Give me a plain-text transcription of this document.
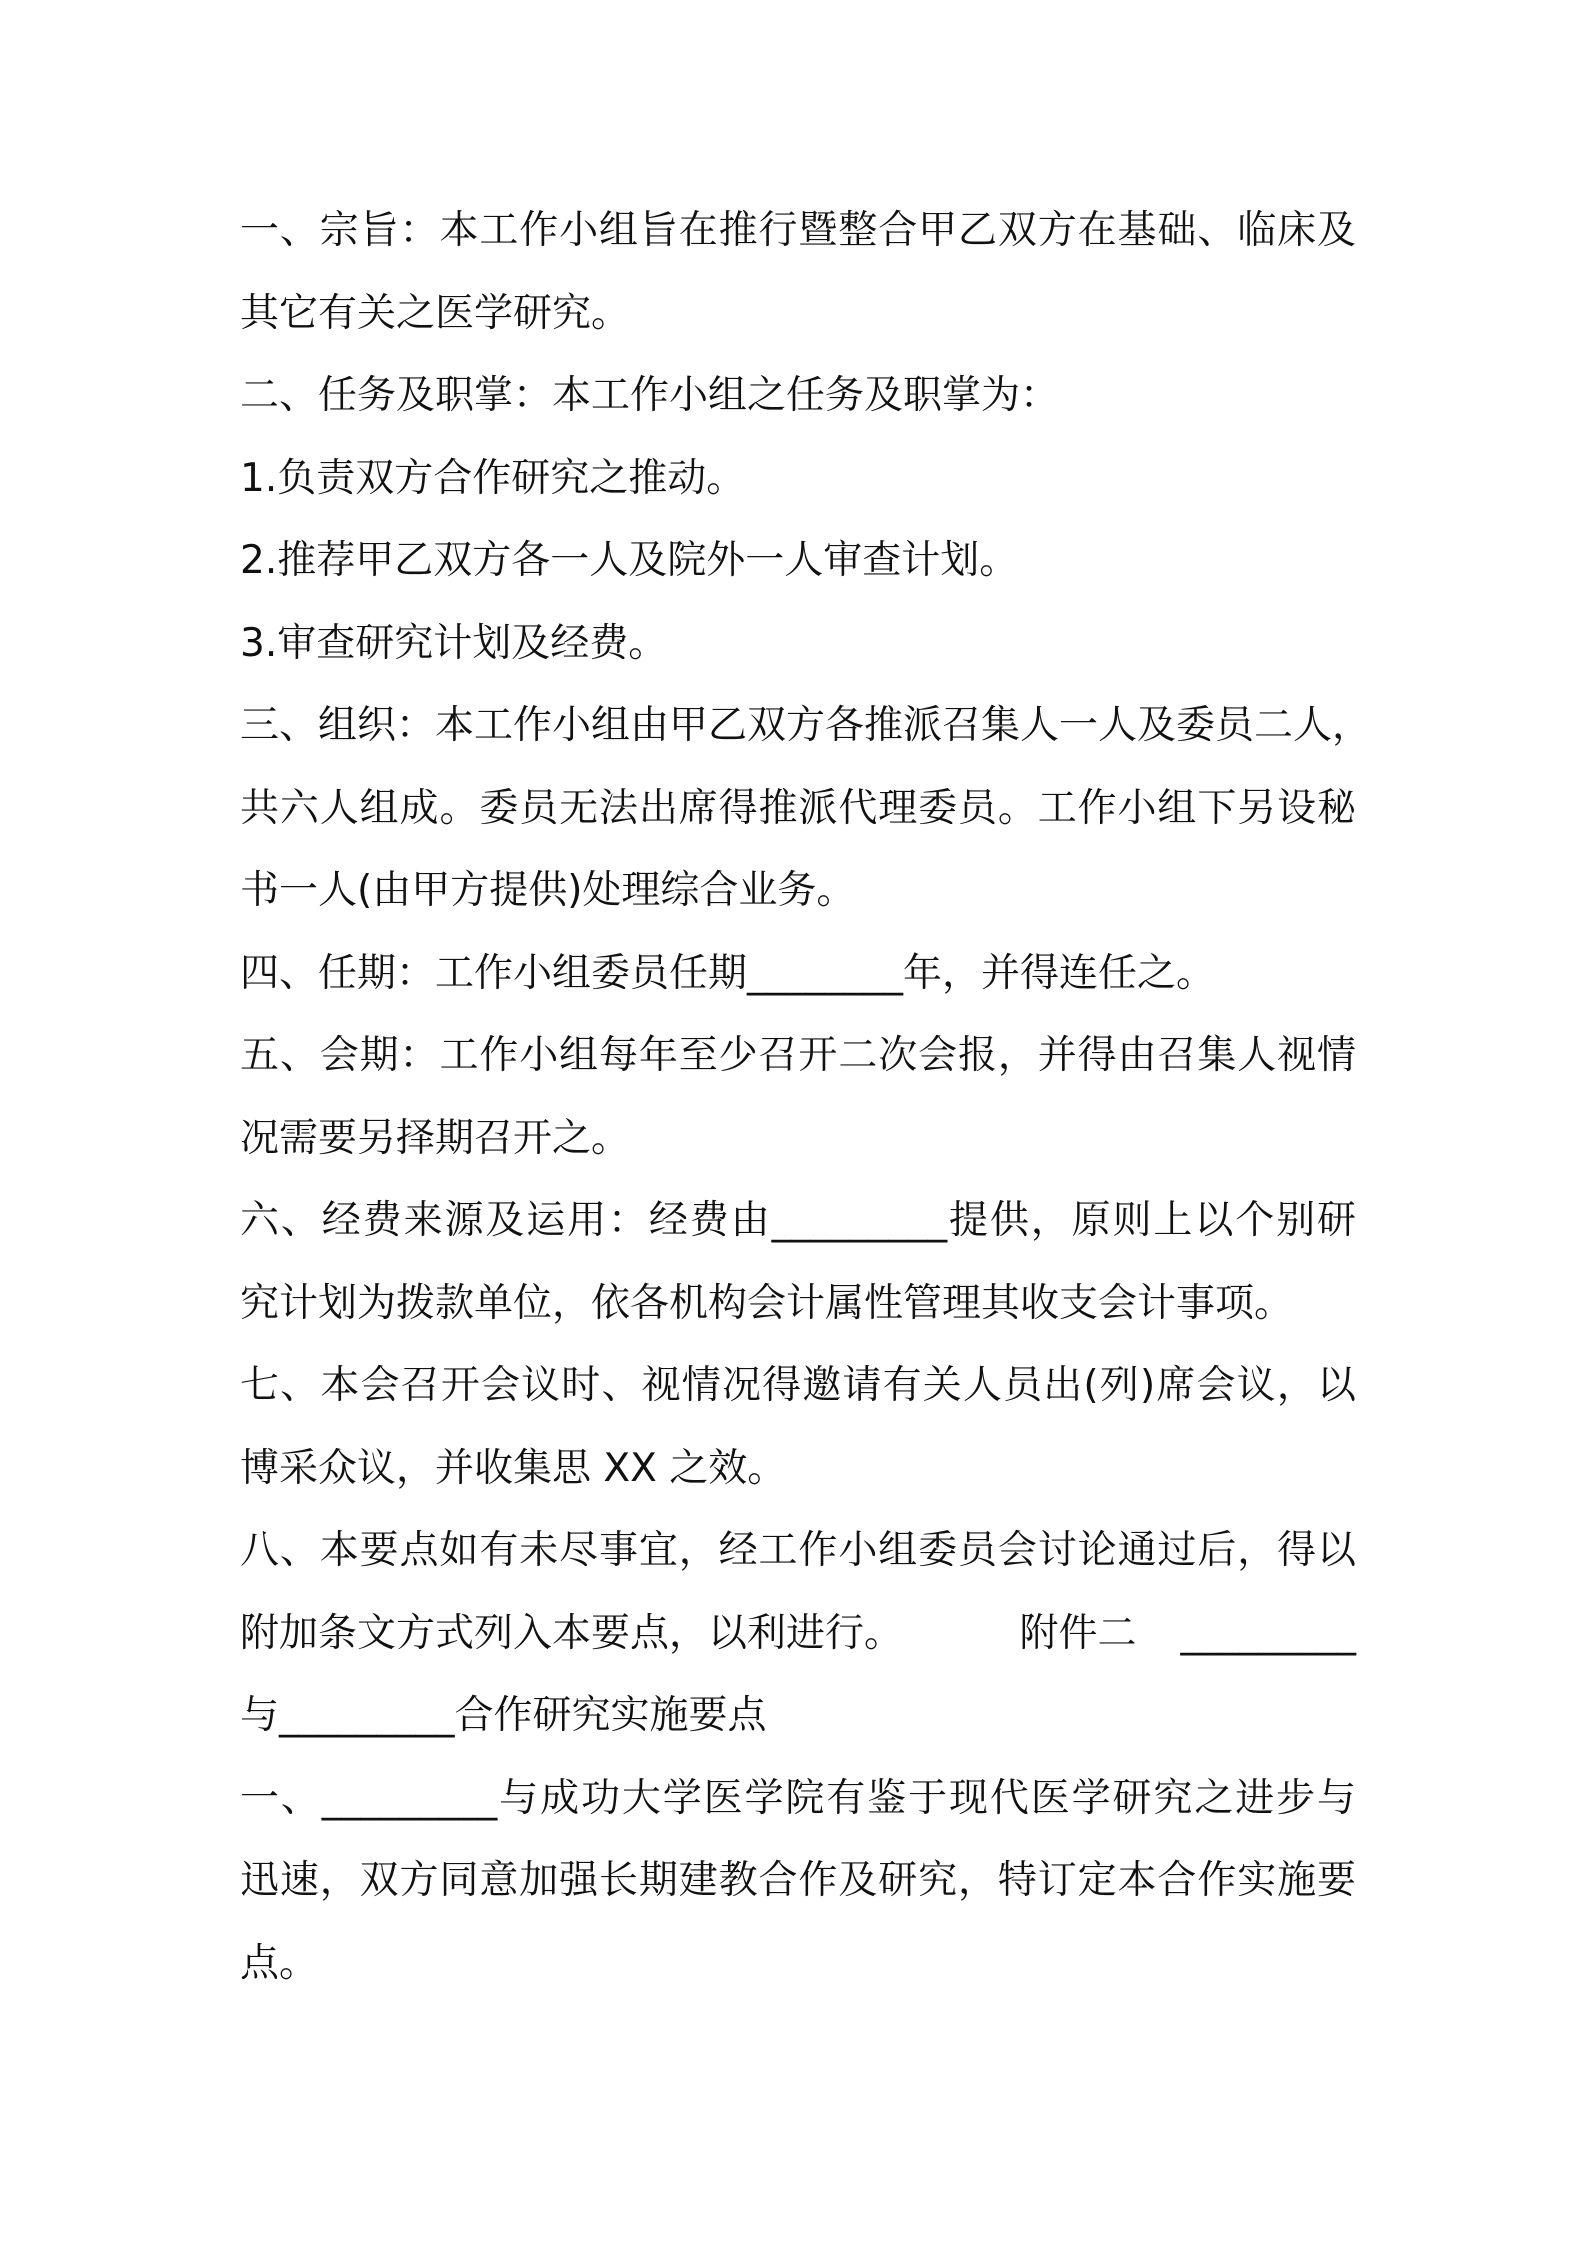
一、宗旨：本工作小组旨在推行暨整合甲乙双方在基础、临床及
其它有关之医学研究。
二、任务及职掌：本工作小组之任务及职掌为：
1.负责双方合作研究之推动。
2.推荐甲乙双方各一人及院外一人审查计划。
3.审查研究计划及经费。
三、组织：本工作小组由甲乙双方各推派召集人一人及委员二人，
共六人组成。委员无法出席得推派代理委员。工作小组下另设秘
书一人(由甲方提供)处理综合业务。
四、任期：工作小组委员任期________年，并得连任之。
五、会期：工作小组每年至少召开二次会报，并得由召集人视情
况需要另择期召开之。
六、经费来源及运用：经费由_________提供，原则上以个别研
究计划为拨款单位，依各机构会计属性管理其收支会计事项。
七、本会召开会议时、视情况得邀请有关人员出(列)席会议，以
博采众议，并收集思 XX 之效。
八、本要点如有未尽事宜，经工作小组委员会讨论通过后，得以
附加条文方式列入本要点，以利进行。	附件二 _________
与_________合作研究实施要点
一、_________与成功大学医学院有鉴于现代医学研究之进步与
迅速，双方同意加强长期建教合作及研究，特订定本合作实施要
点。
